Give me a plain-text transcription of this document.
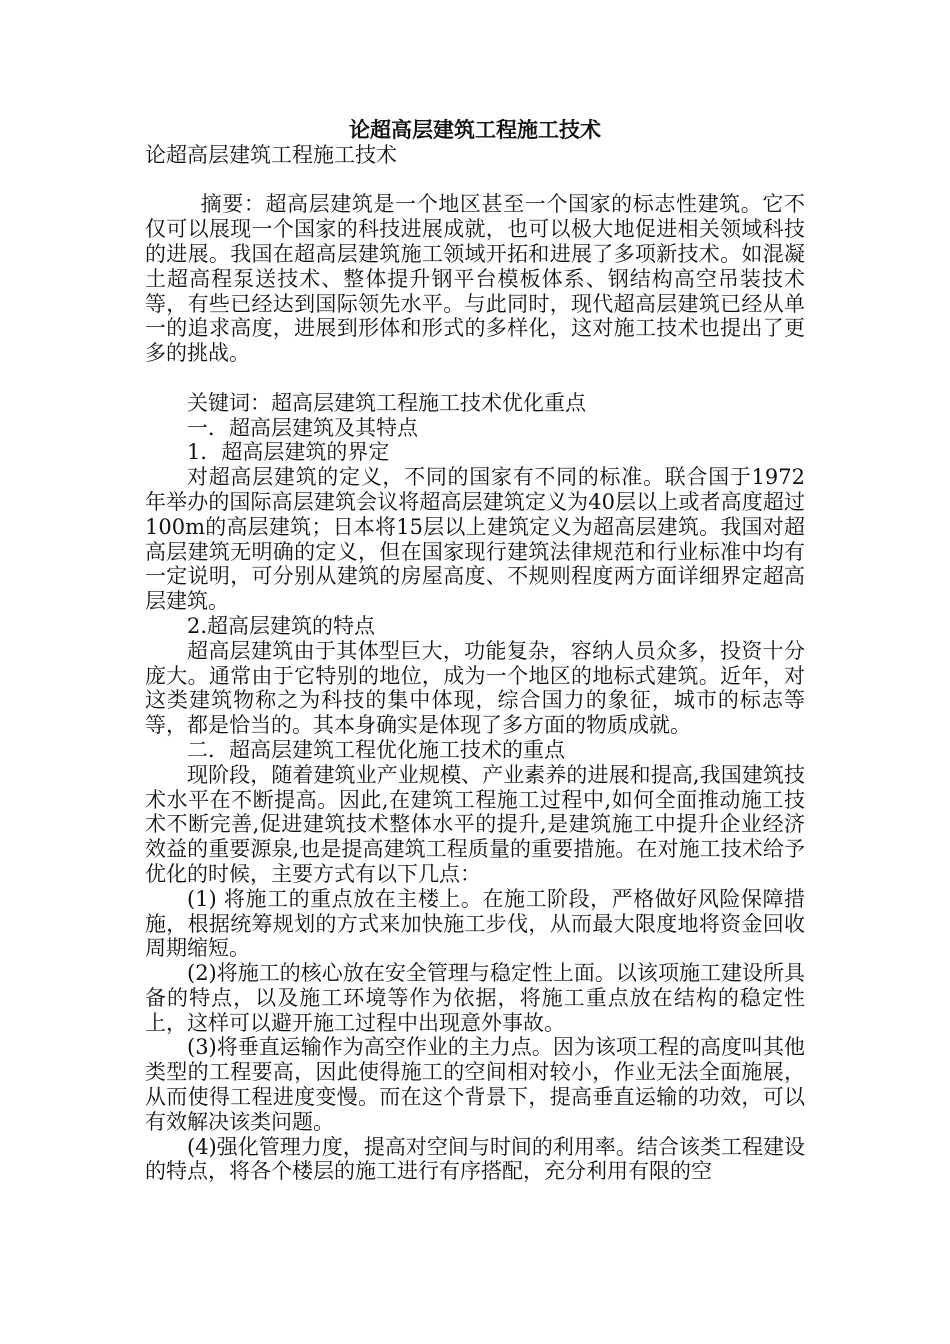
论超高层建筑工程施工技术

论超高层建筑工程施工技术

摘要：超高层建筑是一个地区甚至一个国家的标志性建筑。它不仅可以展现一个国家的科技进展成就，也可以极大地促进相关领域科技的进展。我国在超高层建筑施工领域开拓和进展了多项新技术。如混凝土超高程泵送技术、整体提升钢平台模板体系、钢结构高空吊装技术等，有些已经达到国际领先水平。与此同时，现代超高层建筑已经从单一的追求高度，进展到形体和形式的多样化，这对施工技术也提出了更多的挑战。

关键词：超高层建筑工程施工技术优化重点

一．超高层建筑及其特点

1．超高层建筑的界定

对超高层建筑的定义，不同的国家有不同的标准。联合国于1972年举办的国际高层建筑会议将超高层建筑定义为40层以上或者高度超过100m的高层建筑；日本将15层以上建筑定义为超高层建筑。我国对超高层建筑无明确的定义，但在国家现行建筑法律规范和行业标准中均有一定说明，可分别从建筑的房屋高度、不规则程度两方面详细界定超高层建筑。

2.超高层建筑的特点

超高层建筑由于其体型巨大，功能复杂，容纳人员众多，投资十分庞大。通常由于它特别的地位，成为一个地区的地标式建筑。近年，对这类建筑物称之为科技的集中体现，综合国力的象征，城市的标志等等，都是恰当的。其本身确实是体现了多方面的物质成就。

二．超高层建筑工程优化施工技术的重点

现阶段，随着建筑业产业规模、产业素养的进展和提高,我国建筑技术水平在不断提高。因此,在建筑工程施工过程中,如何全面推动施工技术不断完善,促进建筑技术整体水平的提升,是建筑施工中提升企业经济效益的重要源泉,也是提高建筑工程质量的重要措施。在对施工技术给予优化的时候，主要方式有以下几点：

(1) 将施工的重点放在主楼上。在施工阶段，严格做好风险保障措施，根据统筹规划的方式来加快施工步伐，从而最大限度地将资金回收周期缩短。

(2)将施工的核心放在安全管理与稳定性上面。以该项施工建设所具备的特点，以及施工环境等作为依据，将施工重点放在结构的稳定性上，这样可以避开施工过程中出现意外事故。

(3)将垂直运输作为高空作业的主力点。因为该项工程的高度叫其他类型的工程要高，因此使得施工的空间相对较小，作业无法全面施展，从而使得工程进度变慢。而在这个背景下，提高垂直运输的功效，可以有效解决该类问题。

(4)强化管理力度，提高对空间与时间的利用率。结合该类工程建设的特点，将各个楼层的施工进行有序搭配，充分利用有限的空
